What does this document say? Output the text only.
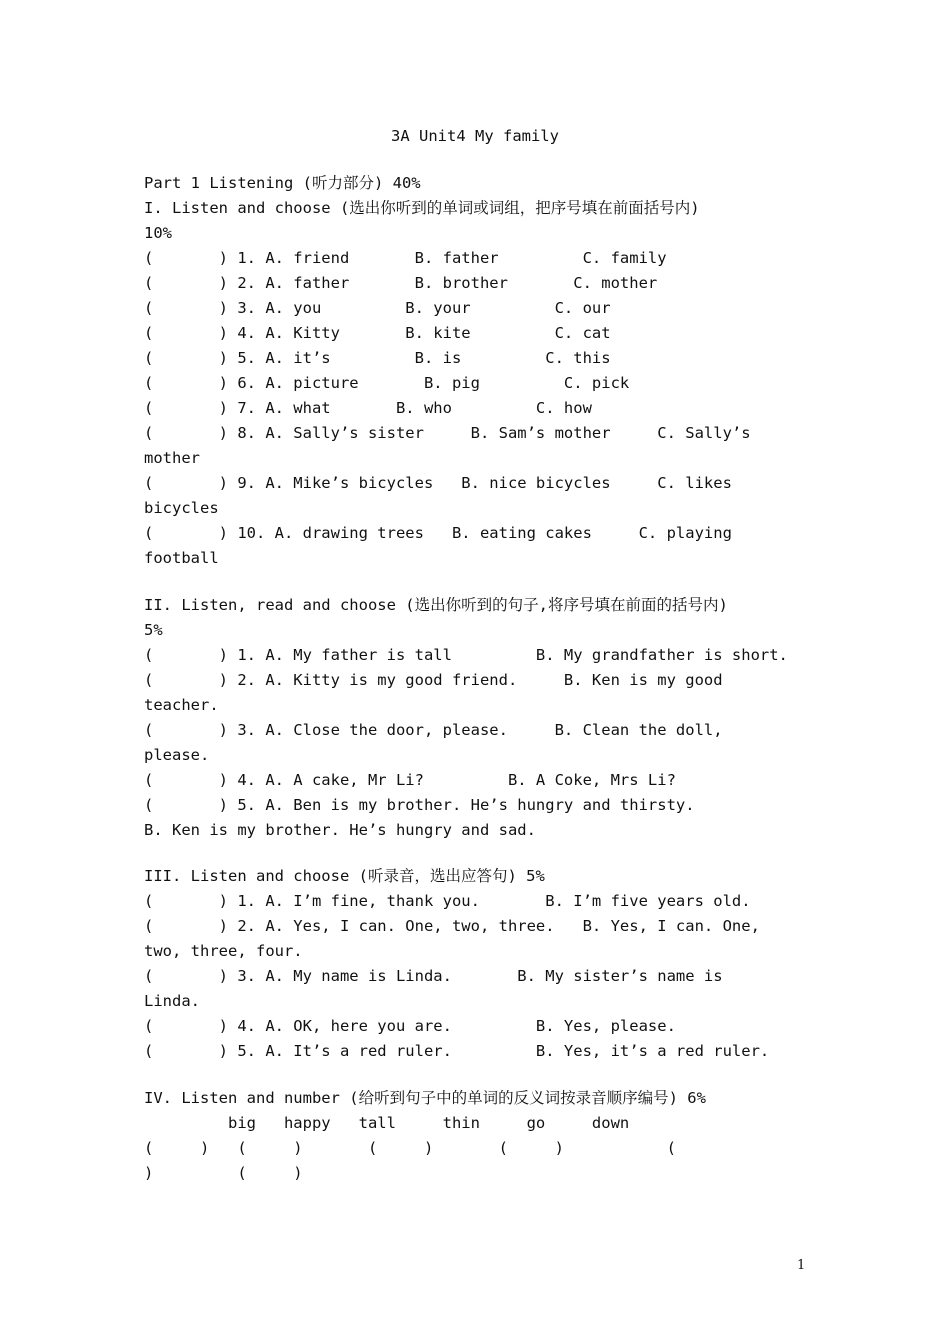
3A Unit4 My family
Part 1 Listening (听力部分) 40%
I. Listen and choose (选出你听到的单词或词组，把序号填在前面括号内)
10%
(       ) 1. A. friend       B. father         C. family
(       ) 2. A. father       B. brother       C. mother
(       ) 3. A. you         B. your         C. our
(       ) 4. A. Kitty       B. kite         C. cat
(       ) 5. A. it’s         B. is         C. this
(       ) 6. A. picture       B. pig         C. pick
(       ) 7. A. what       B. who         C. how
(       ) 8. A. Sally’s sister     B. Sam’s mother     C. Sally’s
mother
(       ) 9. A. Mike’s bicycles   B. nice bicycles     C. likes
bicycles
(       ) 10. A. drawing trees   B. eating cakes     C. playing
football
II. Listen, read and choose (选出你听到的句子,将序号填在前面的括号内)
5%
(       ) 1. A. My father is tall         B. My grandfather is short.
(       ) 2. A. Kitty is my good friend.     B. Ken is my good
teacher.
(       ) 3. A. Close the door, please.     B. Clean the doll,
please.
(       ) 4. A. A cake, Mr Li?         B. A Coke, Mrs Li?
(       ) 5. A. Ben is my brother. He’s hungry and thirsty.
B. Ken is my brother. He’s hungry and sad.
III. Listen and choose (听录音，选出应答句) 5%
(       ) 1. A. I’m fine, thank you.       B. I’m five years old.
(       ) 2. A. Yes, I can. One, two, three.   B. Yes, I can. One,
two, three, four.
(       ) 3. A. My name is Linda.       B. My sister’s name is
Linda.
(       ) 4. A. OK, here you are.         B. Yes, please.
(       ) 5. A. It’s a red ruler.         B. Yes, it’s a red ruler.
IV. Listen and number (给听到句子中的单词的反义词按录音顺序编号) 6%
big   happy   tall     thin     go     down
(     )   (     )       (     )       (     )           (
)         (     )
1
